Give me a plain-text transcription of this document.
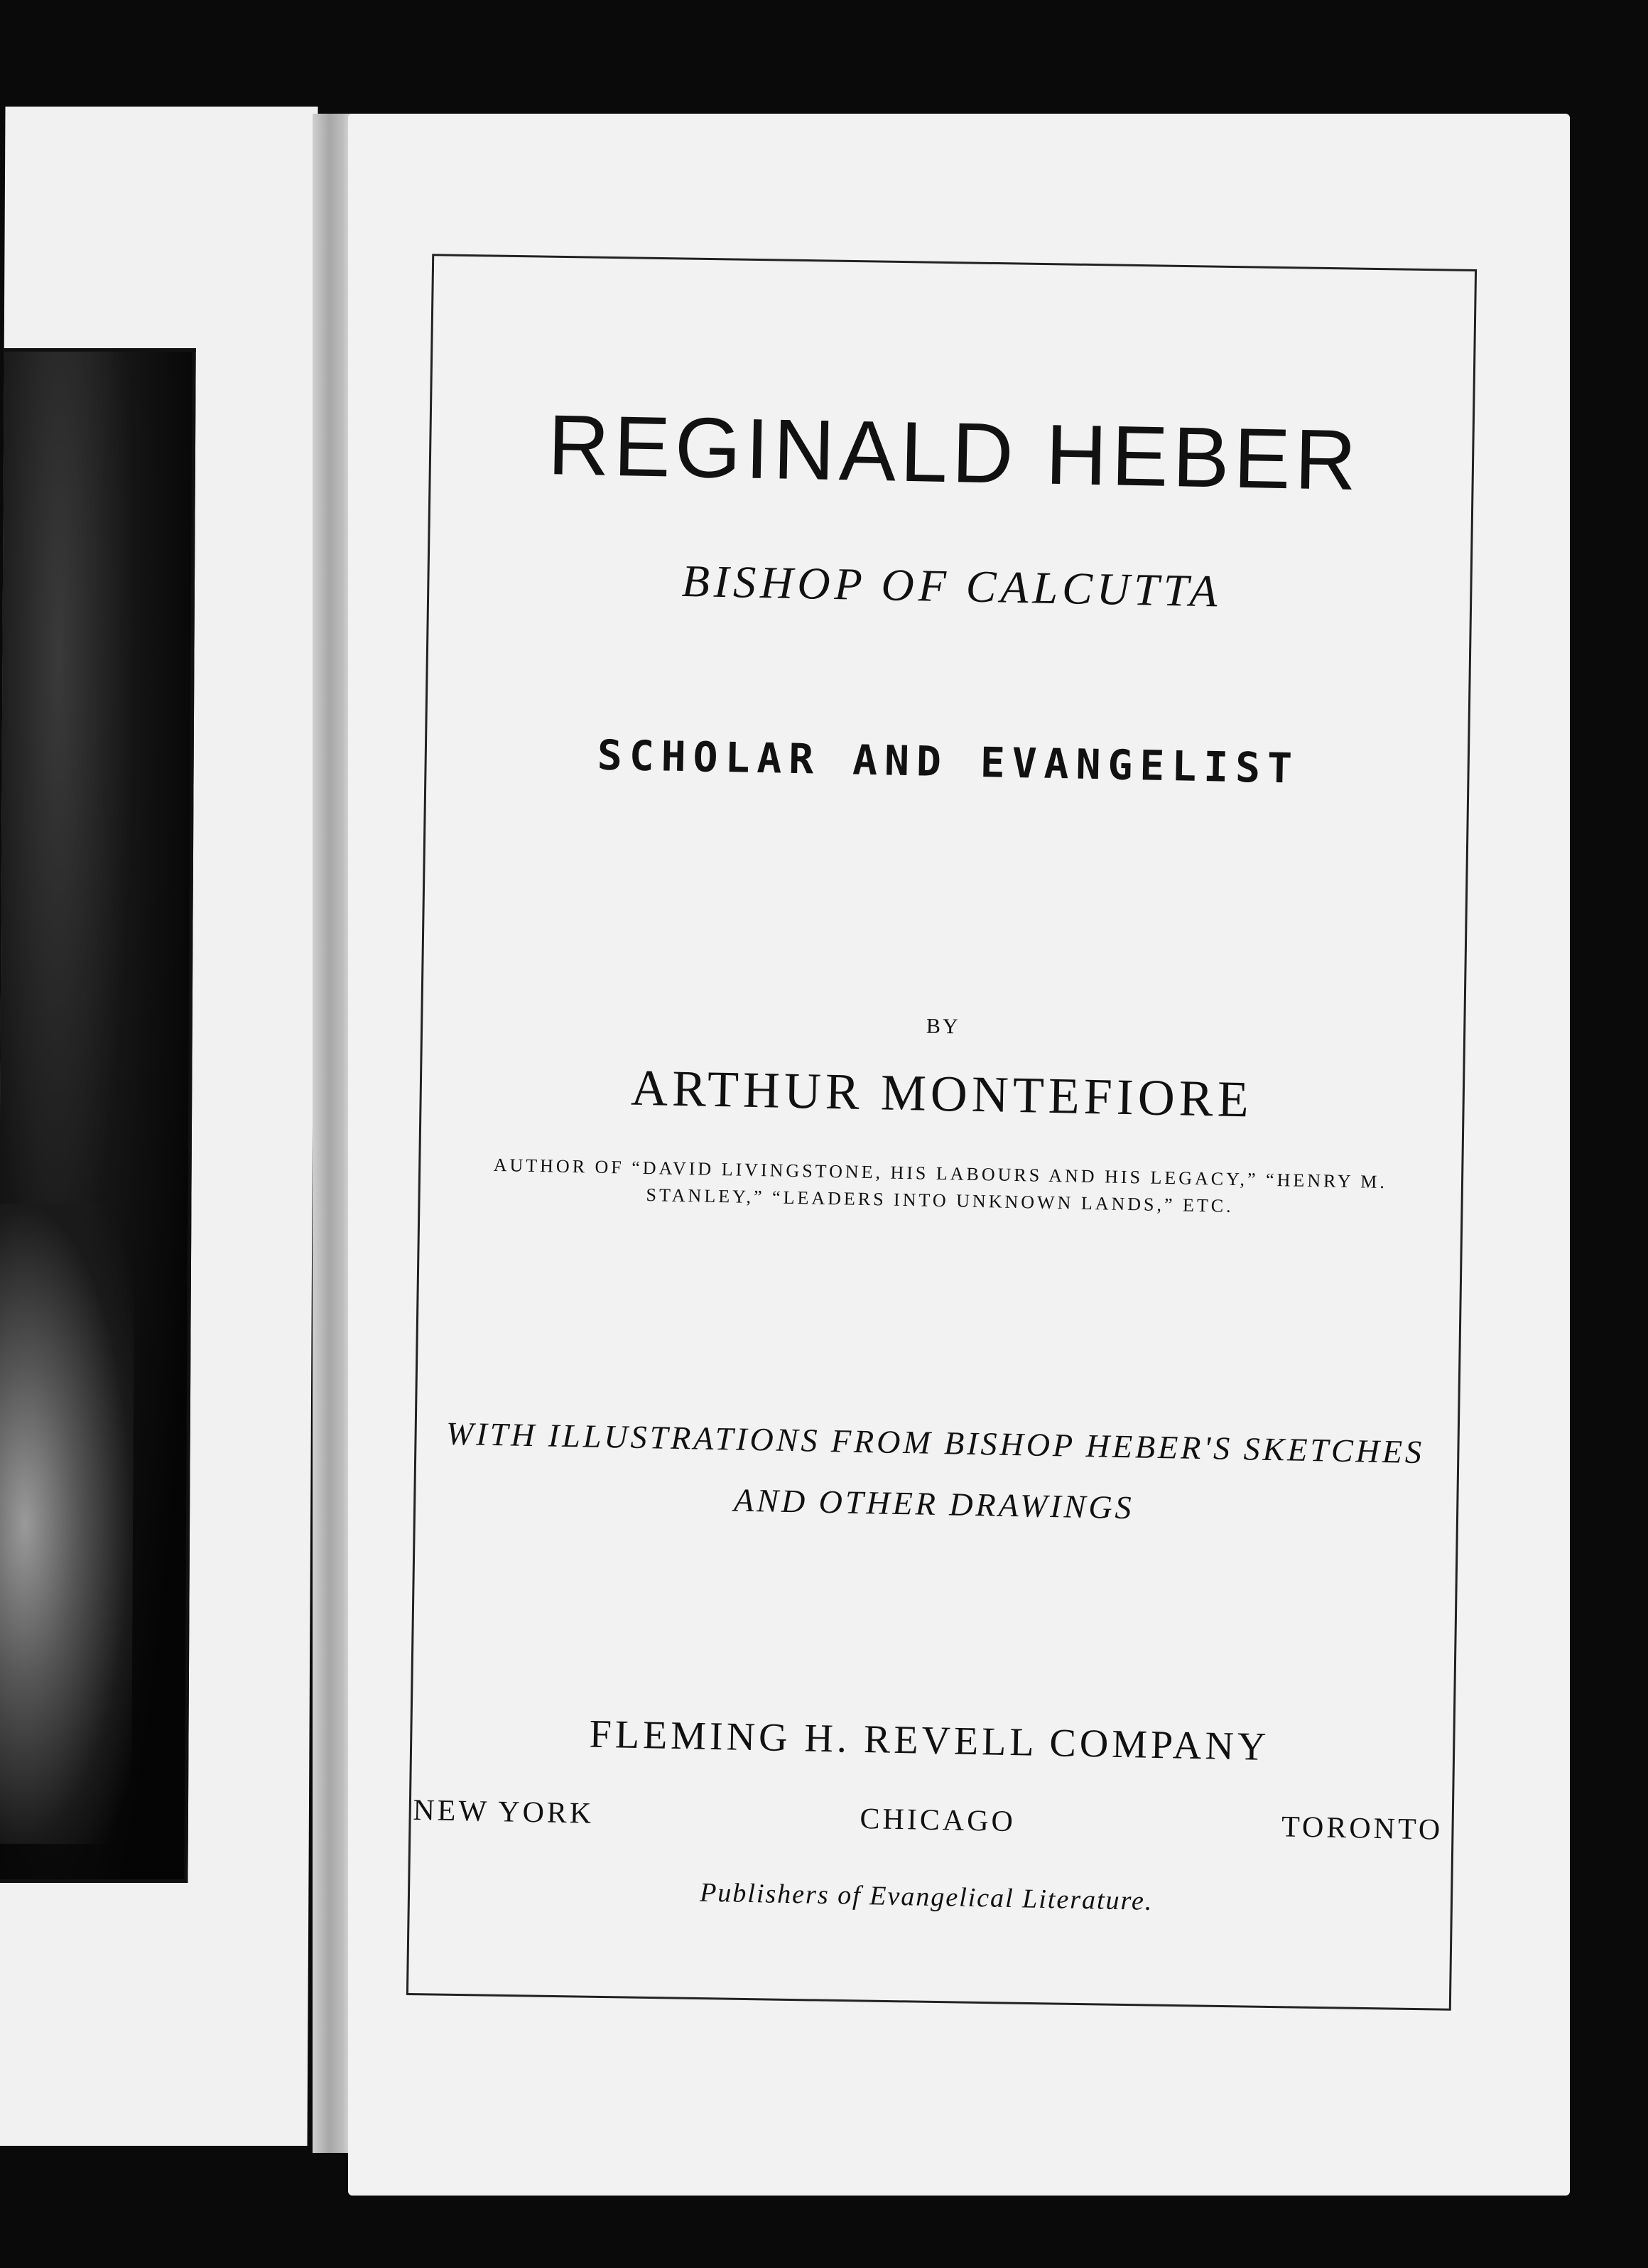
REGINALD HEBER
BISHOP OF CALCUTTA
SCHOLAR AND EVANGELIST
BY
ARTHUR MONTEFIORE
AUTHOR OF “DAVID LIVINGSTONE, HIS LABOURS AND HIS LEGACY,” “HENRY M. STANLEY,” “LEADERS INTO UNKNOWN LANDS,” ETC.
WITH ILLUSTRATIONS FROM BISHOP HEBER'S SKETCHES AND OTHER DRAWINGS
FLEMING H. REVELL COMPANY
NEW YORK	CHICAGO	TORONTO
Publishers of Evangelical Literature.
